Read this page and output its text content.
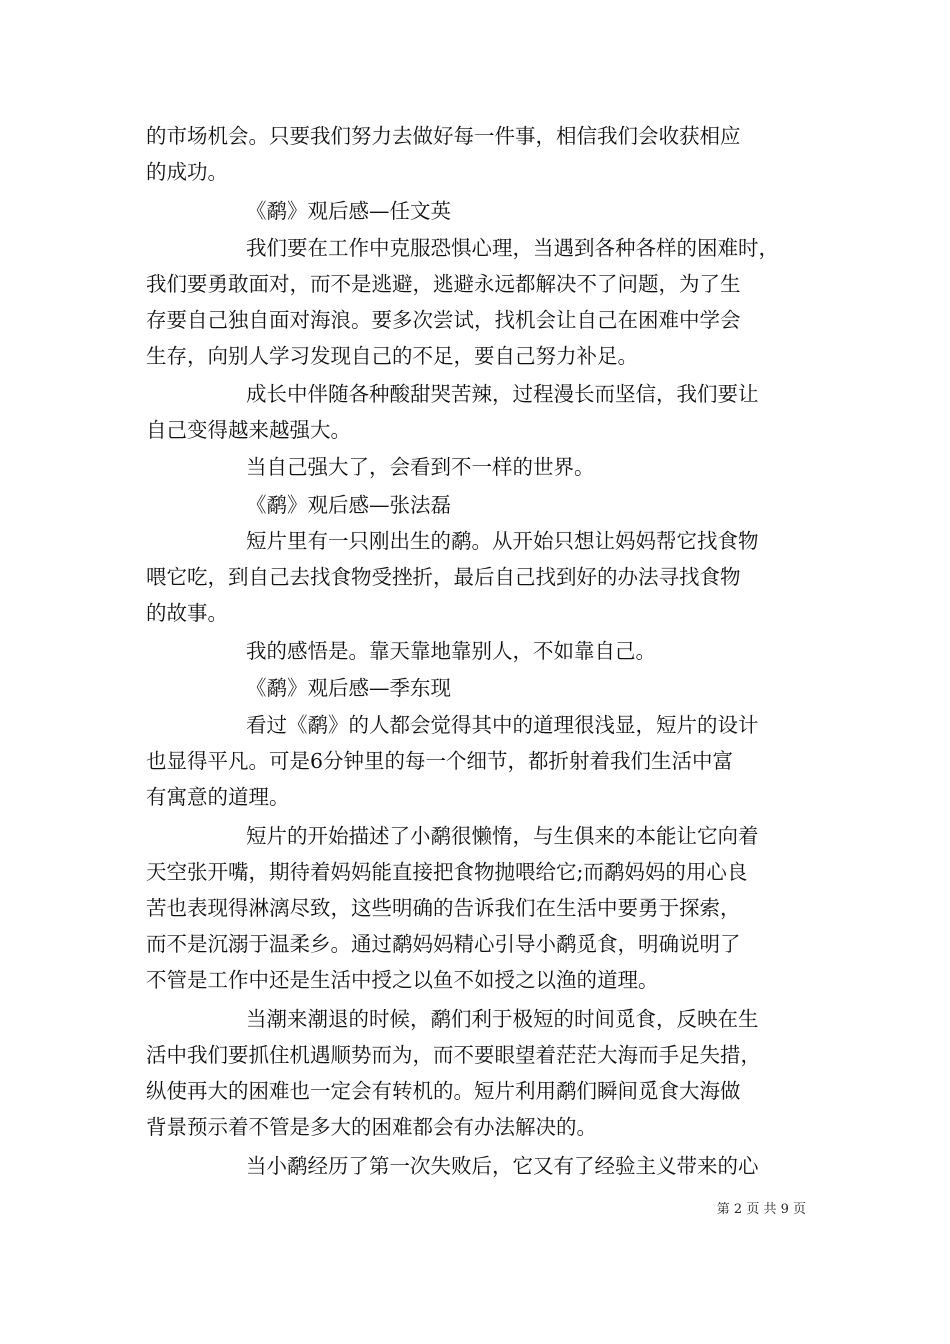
的市场机会。只要我们努力去做好每一件事，相信我们会收获相应
的成功。
《鹬》观后感—任文英
我们要在工作中克服恐惧心理，当遇到各种各样的困难时，
我们要勇敢面对，而不是逃避，逃避永远都解决不了问题，为了生
存要自己独自面对海浪。要多次尝试，找机会让自己在困难中学会
生存，向别人学习发现自己的不足，要自己努力补足。
成长中伴随各种酸甜哭苦辣，过程漫长而坚信，我们要让
自己变得越来越强大。
当自己强大了，会看到不一样的世界。
《鹬》观后感—张法磊
短片里有一只刚出生的鹬。从开始只想让妈妈帮它找食物
喂它吃，到自己去找食物受挫折，最后自己找到好的办法寻找食物
的故事。
我的感悟是。靠天靠地靠别人，不如靠自己。
《鹬》观后感—季东现
看过《鹬》的人都会觉得其中的道理很浅显，短片的设计
也显得平凡。可是6分钟里的每一个细节，都折射着我们生活中富
有寓意的道理。
短片的开始描述了小鹬很懒惰，与生俱来的本能让它向着
天空张开嘴，期待着妈妈能直接把食物抛喂给它;而鹬妈妈的用心良
苦也表现得淋漓尽致，这些明确的告诉我们在生活中要勇于探索，
而不是沉溺于温柔乡。通过鹬妈妈精心引导小鹬觅食，明确说明了
不管是工作中还是生活中授之以鱼不如授之以渔的道理。
当潮来潮退的时候，鹬们利于极短的时间觅食，反映在生
活中我们要抓住机遇顺势而为，而不要眼望着茫茫大海而手足失措，
纵使再大的困难也一定会有转机的。短片利用鹬们瞬间觅食大海做
背景预示着不管是多大的困难都会有办法解决的。
当小鹬经历了第一次失败后，它又有了经验主义带来的心
第 2 页 共 9 页
